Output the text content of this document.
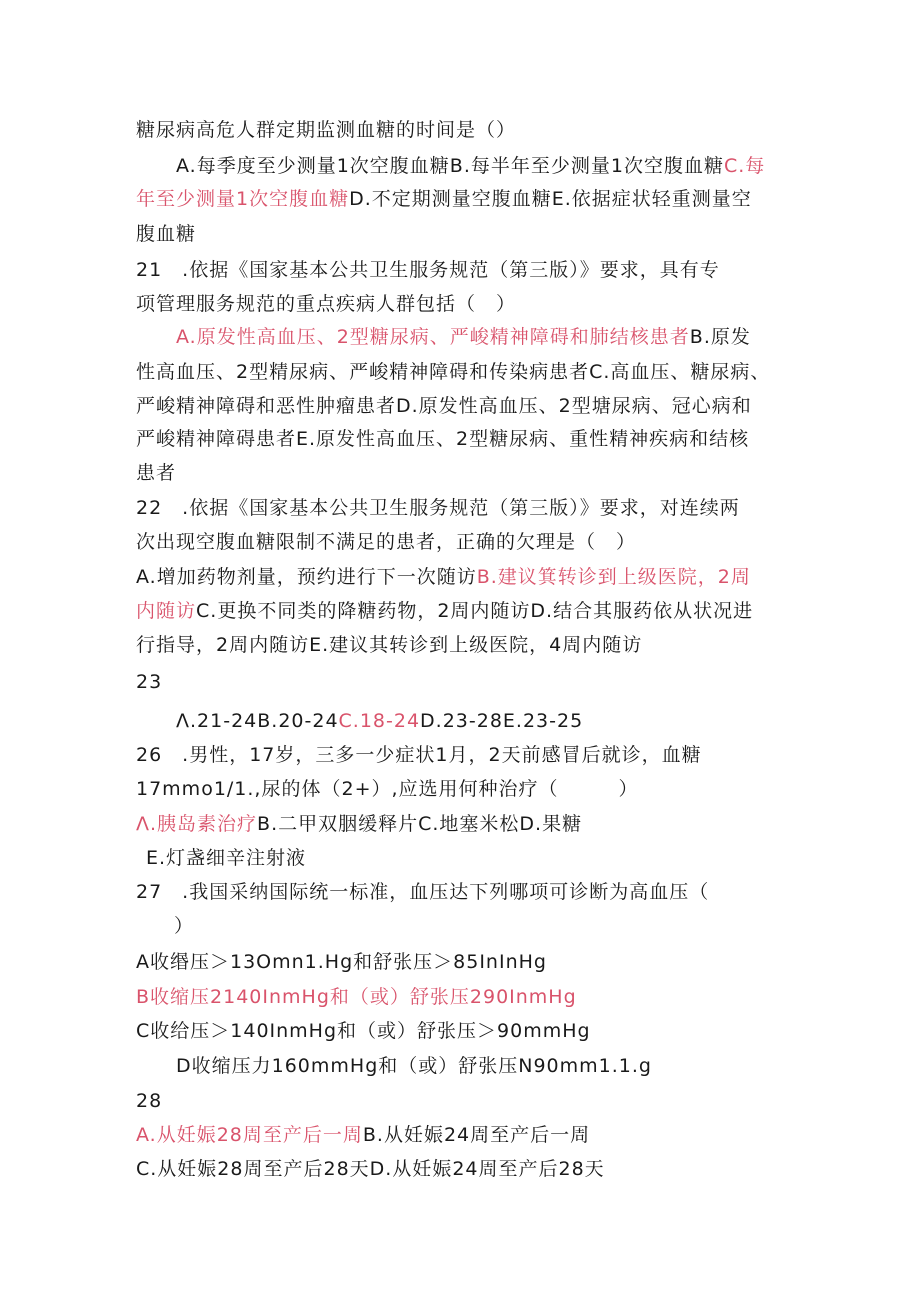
糖尿病高危人群定期监测血糖的时间是（）
A.每季度至少测量1次空腹血糖B.每半年至少测量1次空腹血糖C.每
年至少测量1次空腹血糖D.不定期测量空腹血糖E.依据症状轻重测量空
腹血糖
21　.依据《国家基本公共卫生服务规范（第三版）》要求，具有专
项管理服务规范的重点疾病人群包括（　）
A.原发性高血压、2型糖尿病、严峻精神障碍和肺结核患者B.原发
性高血压、2型精尿病、严峻精神障碍和传染病患者C.高血压、糖尿病、
严峻精神障碍和恶性肿瘤患者D.原发性高血压、2型塘尿病、冠心病和
严峻精神障碍患者E.原发性高血压、2型糖尿病、重性精神疾病和结核
患者
22　.依据《国家基本公共卫生服务规范（第三版）》要求，对连续两
次出现空腹血糖限制不满足的患者，正确的欠理是（　）
A.增加药物剂量，预约进行下一次随访B.建议箕转诊到上级医院，2周
内随访C.更换不同类的降糖药物，2周内随访D.结合其服药依从状况进
行指导，2周内随访E.建议其转诊到上级医院，4周内随访
23
Λ.21-24B.20-24C.18-24D.23-28E.23-25
26　.男性，17岁，三多一少症状1月，2天前感冒后就诊，血糖
17mmo1/1.,尿的体（2+）,应选用何种治疗（　　　）
Λ.胰岛素治疗B.二甲双胭缓释片C.地塞米松D.果糖
E.灯盏细辛注射液
27　.我国采纳国际统一标准，血压达下列哪项可诊断为高血压（
）
A收缗压＞13Omn1.Hg和舒张压＞85InInHg
B收缩压2140InmHg和（或）舒张压290InmHg
C收给压＞140InmHg和（或）舒张压＞90mmHg
D收缩压力160mmHg和（或）舒张压N90mm1.1.g
28
A.从妊娠28周至产后一周B.从妊娠24周至产后一周
C.从妊娠28周至产后28天D.从妊娠24周至产后28天
